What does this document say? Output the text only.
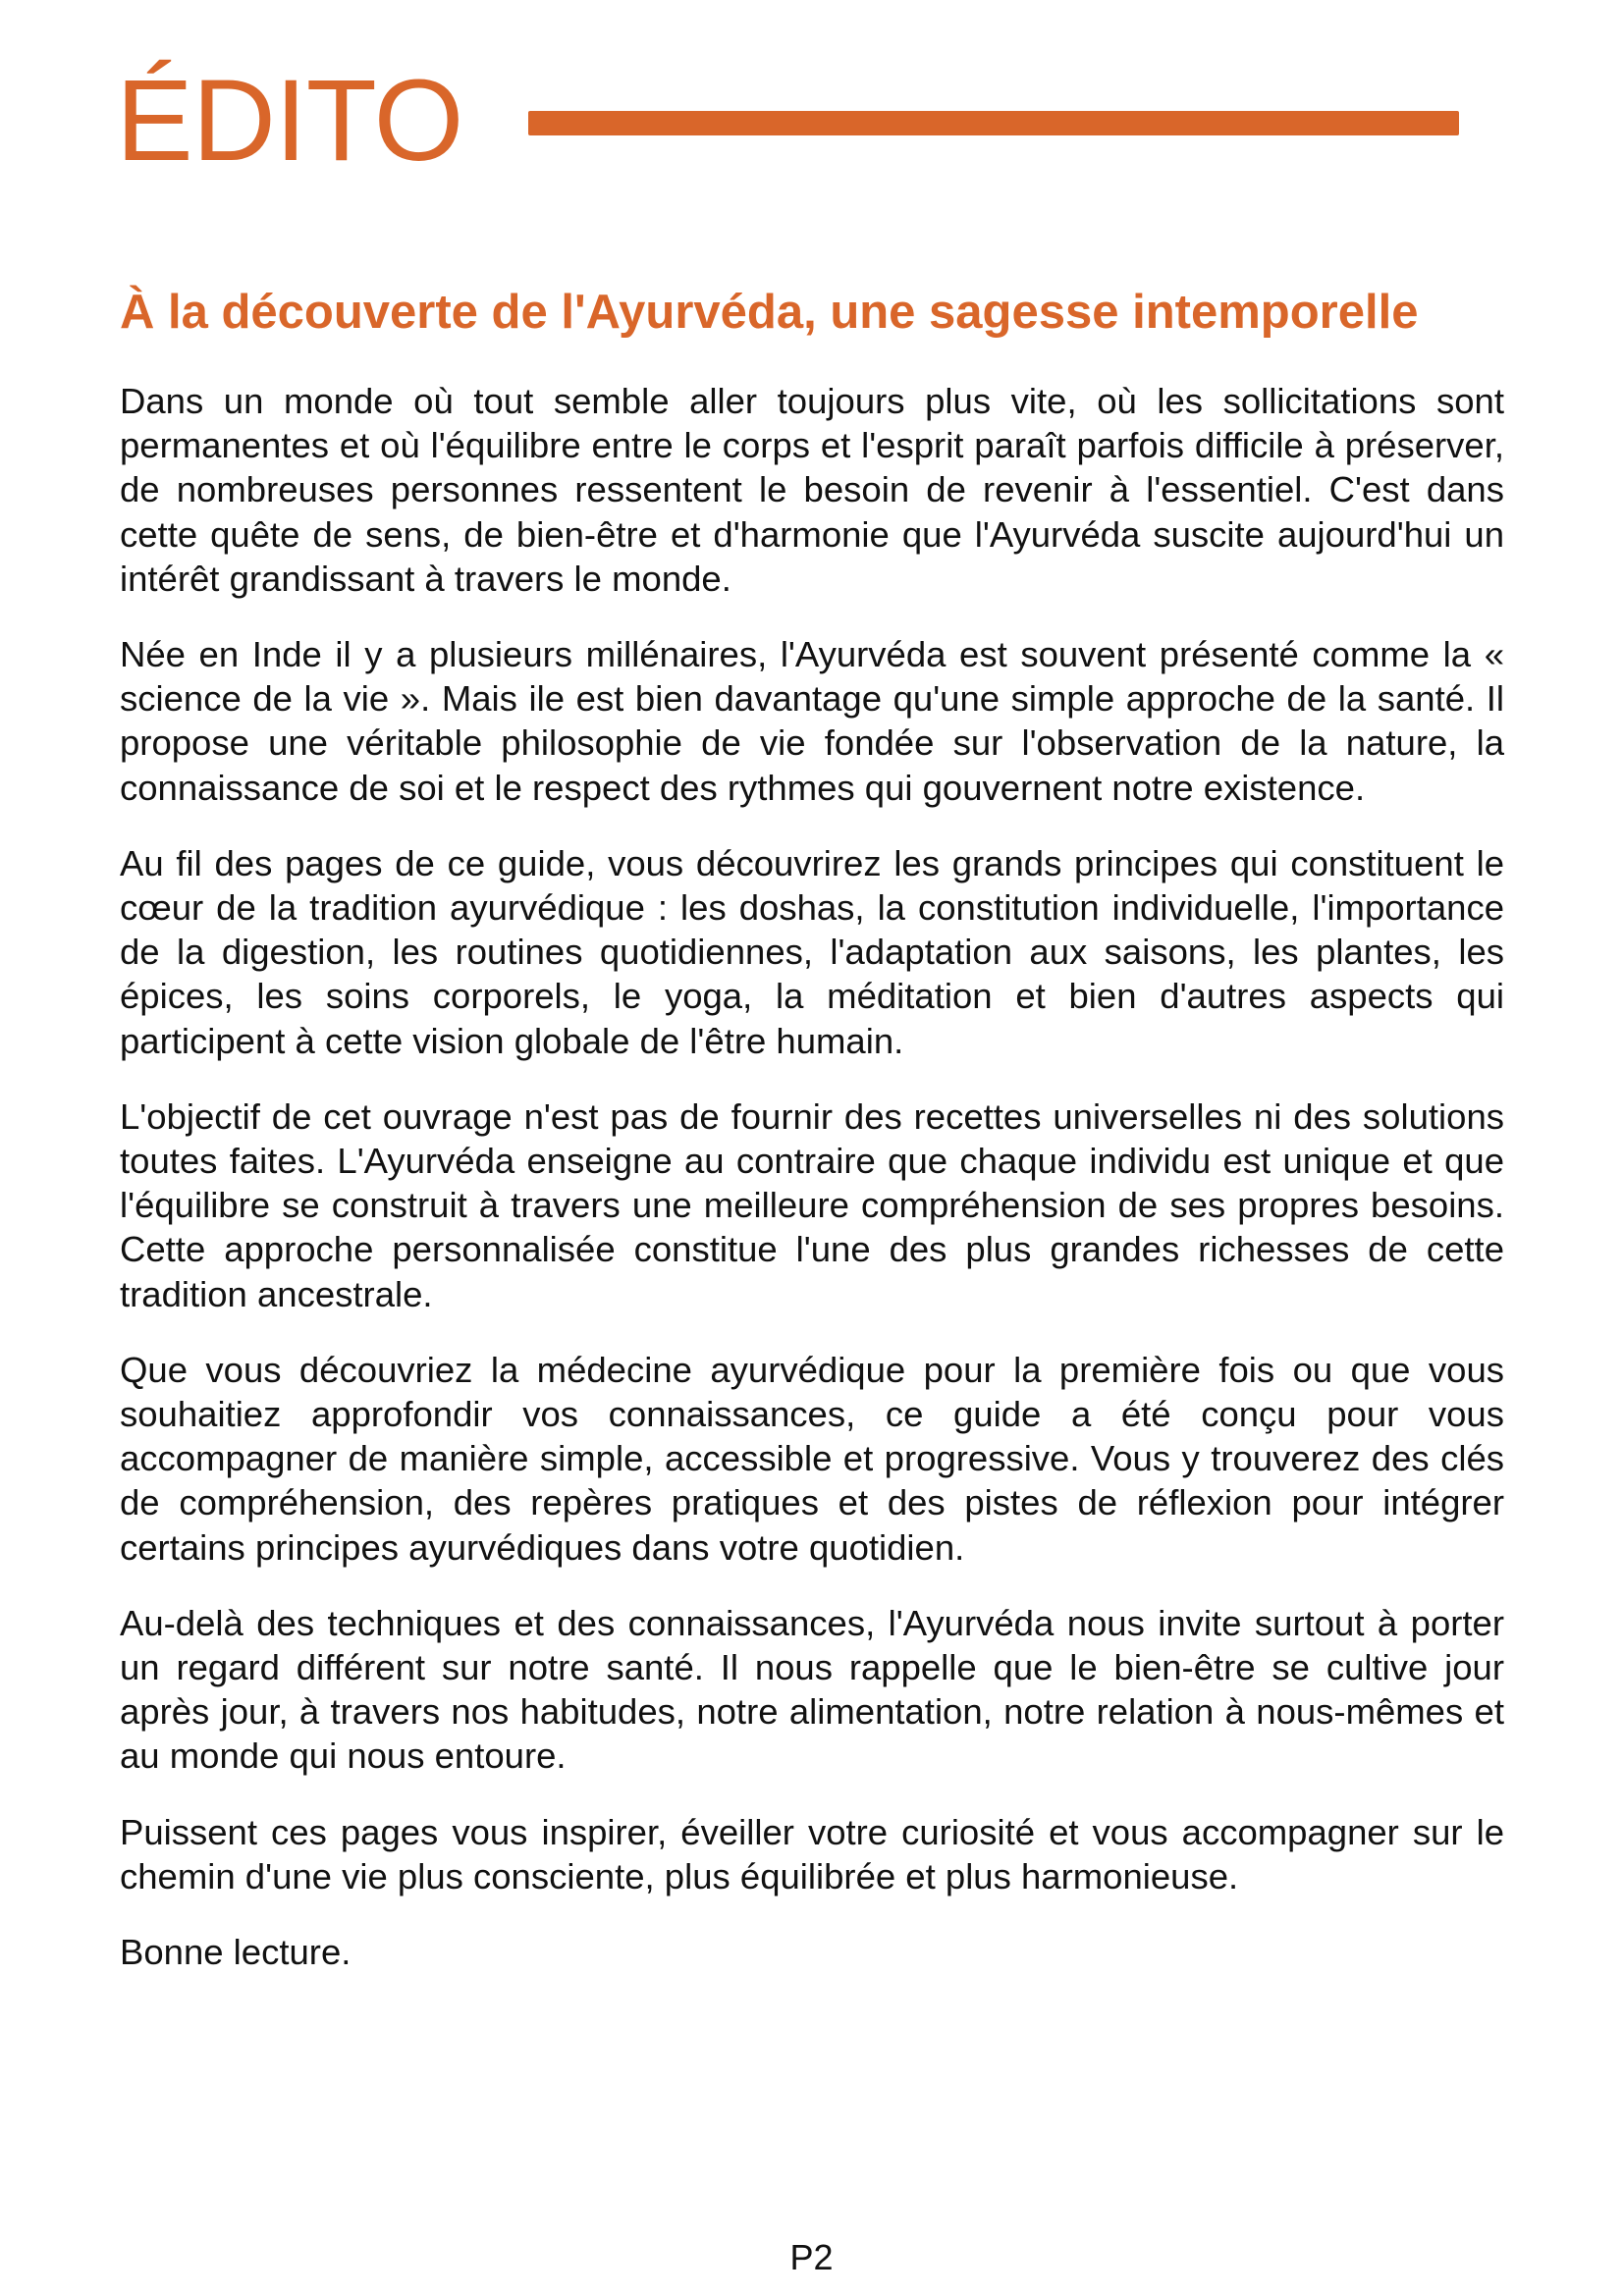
ÉDITO
À la découverte de l'Ayurvéda, une sagesse intemporelle

Dans un monde où tout semble aller toujours plus vite, où les sollicitations sont permanentes et où l'équilibre entre le corps et l'esprit paraît parfois difficile à préserver, de nombreuses personnes ressentent le besoin de revenir à l'essentiel. C'est dans cette quête de sens, de bien-être et d'harmonie que l'Ayurvéda suscite aujourd'hui un intérêt grandissant à travers le monde.

Née en Inde il y a plusieurs millénaires, l'Ayurvéda est souvent présenté comme la « science de la vie ». Mais ile est bien davantage qu'une simple approche de la santé. Il propose une véritable philosophie de vie fondée sur l'observation de la nature, la connaissance de soi et le respect des rythmes qui gouvernent notre existence.

Au fil des pages de ce guide, vous découvrirez les grands principes qui constituent le cœur de la tradition ayurvédique : les doshas, la constitution individuelle, l'importance de la digestion, les routines quotidiennes, l'adaptation aux saisons, les plantes, les épices, les soins corporels, le yoga, la méditation et bien d'autres aspects qui participent à cette vision globale de l'être humain.

L'objectif de cet ouvrage n'est pas de fournir des recettes universelles ni des solutions toutes faites. L'Ayurvéda enseigne au contraire que chaque individu est unique et que l'équilibre se construit à travers une meilleure compréhension de ses propres besoins. Cette approche personnalisée constitue l'une des plus grandes richesses de cette tradition ancestrale.

Que vous découvriez la médecine ayurvédique pour la première fois ou que vous souhaitiez approfondir vos connaissances, ce guide a été conçu pour vous accompagner de manière simple, accessible et progressive. Vous y trouverez des clés de compréhension, des repères pratiques et des pistes de réflexion pour intégrer certains principes ayurvédiques dans votre quotidien.

Au-delà des techniques et des connaissances, l'Ayurvéda nous invite surtout à porter un regard différent sur notre santé. Il nous rappelle que le bien-être se cultive jour après jour, à travers nos habitudes, notre alimentation, notre relation à nous-mêmes et au monde qui nous entoure.

Puissent ces pages vous inspirer, éveiller votre curiosité et vous accompagner sur le chemin d'une vie plus consciente, plus équilibrée et plus harmonieuse.

Bonne lecture.

P2
